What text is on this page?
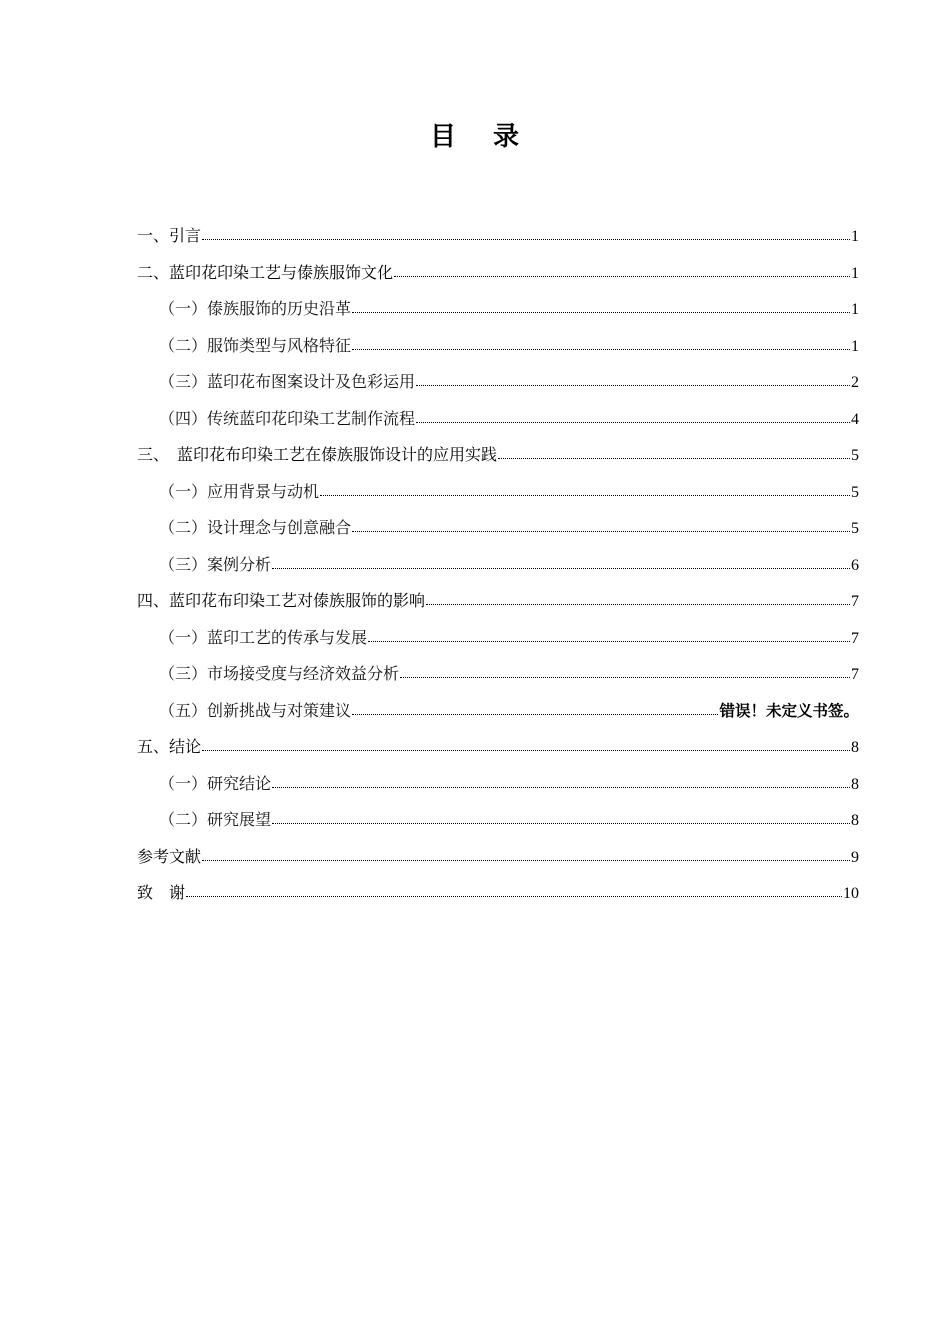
目 录
一、引言	1
二、蓝印花印染工艺与傣族服饰文化	1
（一）傣族服饰的历史沿革	1
（二）服饰类型与风格特征	1
（三）蓝印花布图案设计及色彩运用	2
（四）传统蓝印花印染工艺制作流程	4
三、　蓝印花布印染工艺在傣族服饰设计的应用实践	5
（一）应用背景与动机	5
（二）设计理念与创意融合	5
（三）案例分析	6
四、蓝印花布印染工艺对傣族服饰的影响	7
（一）蓝印工艺的传承与发展	7
（三）市场接受度与经济效益分析	7
（五）创新挑战与对策建议	错误！未定义书签。
五、结论	8
（一）研究结论	8
（二）研究展望	8
参考文献	9
致　谢	10
